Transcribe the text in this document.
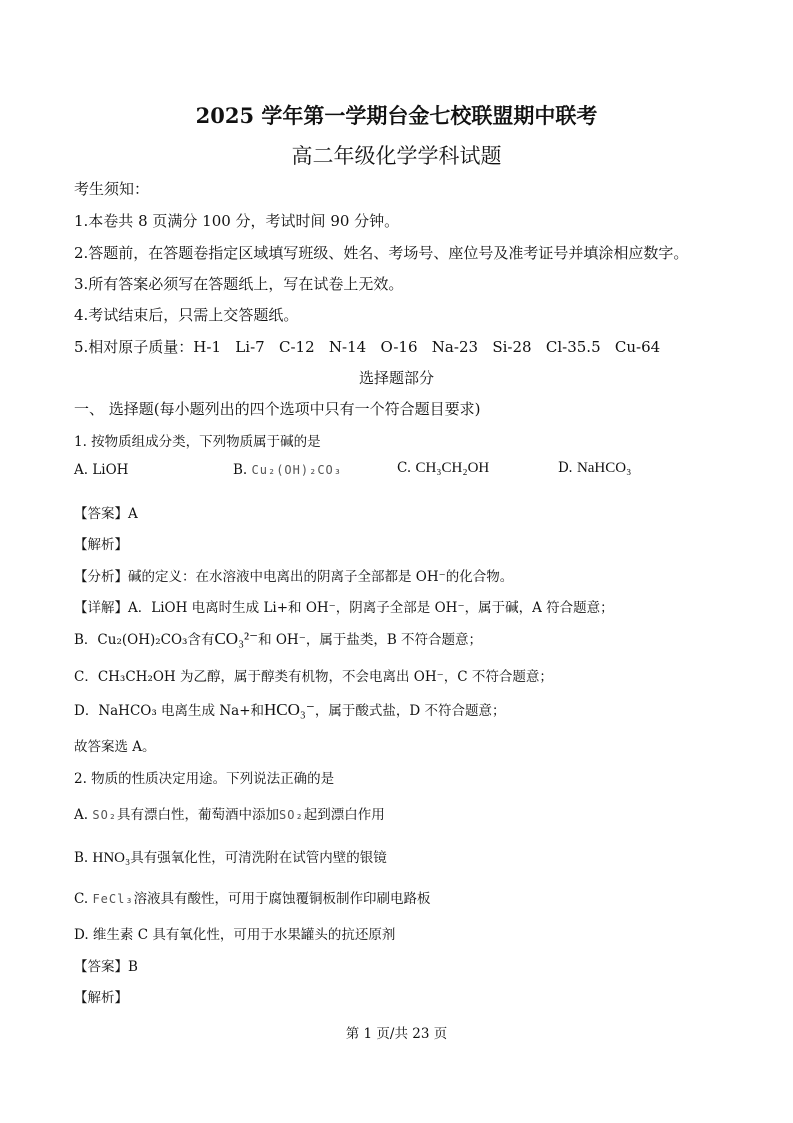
2025 学年第一学期台金七校联盟期中联考
高二年级化学学科试题
考生须知：
1.本卷共 8 页满分 100 分，考试时间 90 分钟。
2.答题前，在答题卷指定区域填写班级、姓名、考场号、座位号及准考证号并填涂相应数字。
3.所有答案必须写在答题纸上，写在试卷上无效。
4.考试结束后，只需上交答题纸。
5.相对原子质量：H-1   Li-7   C-12   N-14   O-16   Na-23   Si-28   Cl-35.5   Cu-64
选择题部分
一、 选择题(每小题列出的四个选项中只有一个符合题目要求)
1. 按物质组成分类，下列物质属于碱的是
A. LiOH	B. Cu₂(OH)₂CO₃	C. CH₃CH₂OH	D. NaHCO₃
【答案】A
【解析】
【分析】碱的定义：在水溶液中电离出的阴离子全部都是 OH⁻的化合物。
【详解】A．LiOH 电离时生成 Li+和 OH⁻，阴离子全部是 OH⁻，属于碱，A 符合题意；
B．Cu₂(OH)₂CO₃含有CO₃²⁻和 OH⁻，属于盐类，B 不符合题意；
C．CH₃CH₂OH 为乙醇，属于醇类有机物，不会电离出 OH⁻，C 不符合题意；
D．NaHCO₃ 电离生成 Na+和HCO₃⁻，属于酸式盐，D 不符合题意；
故答案选 A。
2. 物质的性质决定用途。下列说法正确的是
A. SO₂具有漂白性，葡萄酒中添加SO₂起到漂白作用
B. HNO₃具有强氧化性，可清洗附在试管内壁的银镜
C. FeCl₃溶液具有酸性，可用于腐蚀覆铜板制作印刷电路板
D. 维生素 C 具有氧化性，可用于水果罐头的抗还原剂
【答案】B
【解析】
第 1 页/共 23 页
